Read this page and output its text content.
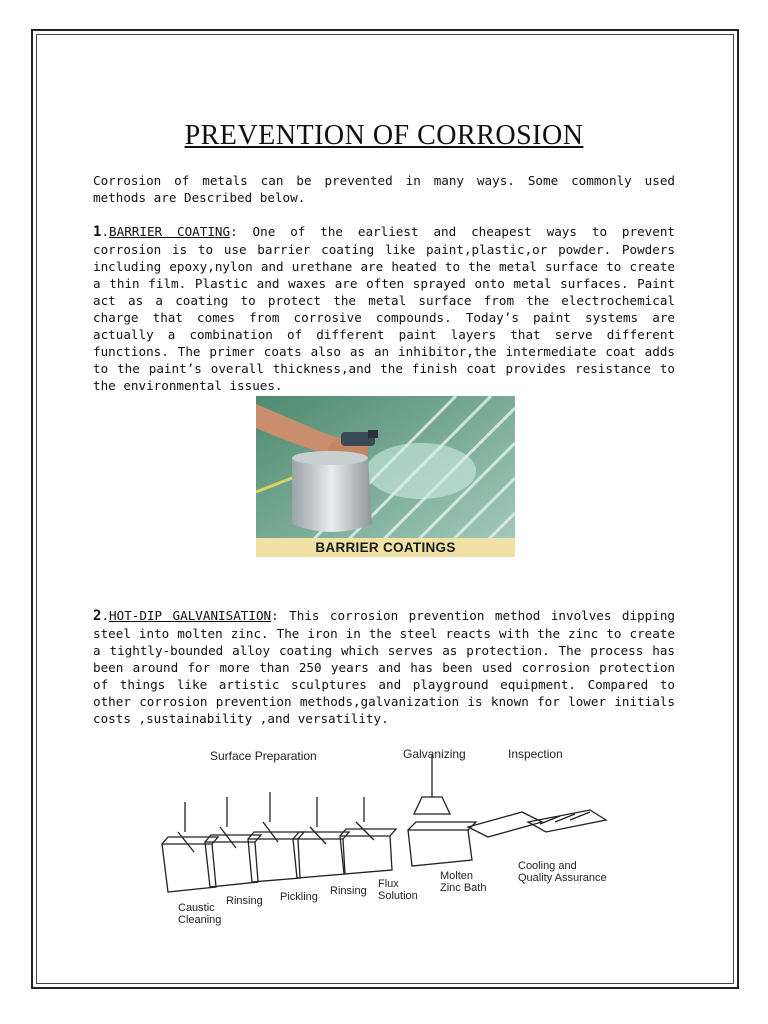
PREVENTION OF CORROSION

Corrosion of metals can be prevented in many ways. Some commonly used methods are Described below.

1.BARRIER COATING: One of the earliest and cheapest ways to prevent corrosion is to use barrier coating like paint,plastic,or powder. Powders including epoxy,nylon and urethane are heated to the metal surface to create a thin film. Plastic and waxes are often sprayed onto metal surfaces. Paint act as a coating to protect the metal surface from the electrochemical charge that comes from corrosive compounds. Today’s paint systems are actually a combination of different paint layers that serve different functions. The primer coats also as an inhibitor,the intermediate coat adds to the paint’s overall thickness,and the finish coat provides resistance to the environmental issues.

BARRIER COATINGS

2.HOT-DIP GALVANISATION: This corrosion prevention method involves dipping steel into molten zinc. The iron in the steel reacts with the zinc to create a tightly-bounded alloy coating which serves as protection. The process has been around for more than 250 years and has been used corrosion protection of things like artistic sculptures and playground equipment. Compared to other corrosion prevention methods,galvanization is known for lower initials costs ,sustainability ,and versatility.

Surface Preparation	Galvanizing	Inspection
Caustic
Cleaning
Rinsing Pickling Rinsing
Flux
Solution
Molten
Zinc Bath
Cooling and
Quality Assurance
